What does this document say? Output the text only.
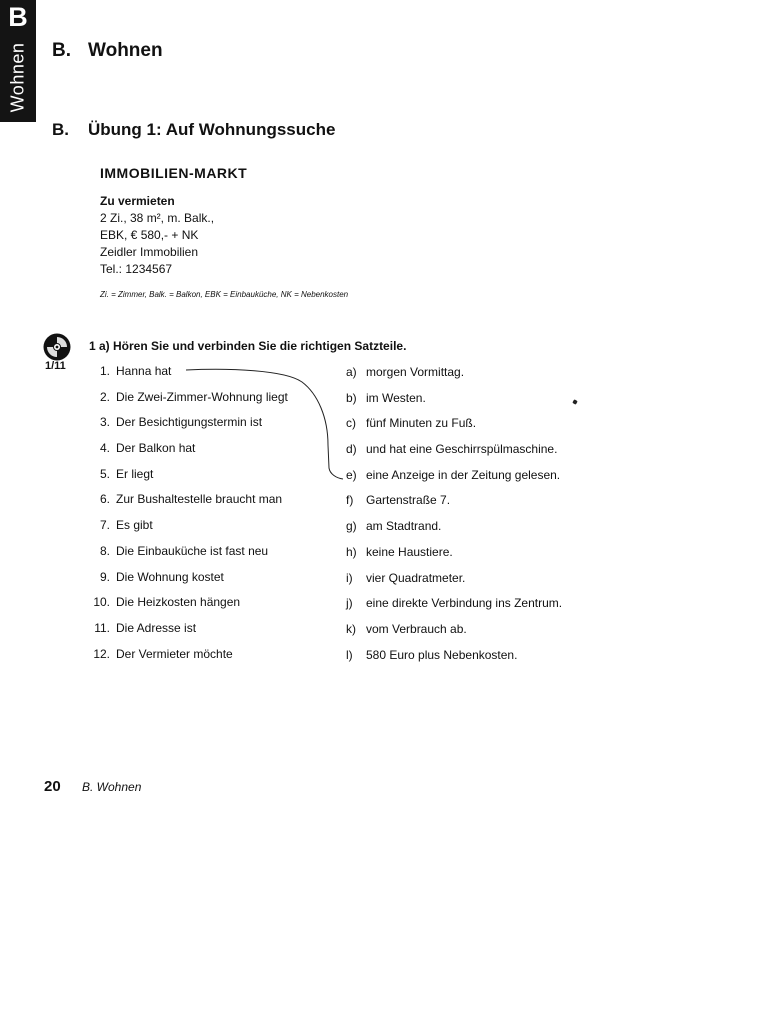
B
Wohnen B. Wohnen
B. Übung 1: Auf Wohnungssuche
IMMOBILIEN-MARKT
Zu vermieten
2 Zi., 38 m², m. Balk.,
EBK, € 580,- + NK
Zeidler Immobilien
Tel.: 1234567
Zi. = Zimmer, Balk. = Balkon, EBK = Einbauküche, NK = Nebenkosten
1/11
1 a) Hören Sie und verbinden Sie die richtigen Satzteile.
1. Hanna hat
2. Die Zwei-Zimmer-Wohnung liegt
3. Der Besichtigungstermin ist
4. Der Balkon hat
5. Er liegt
6. Zur Bushaltestelle braucht man
7. Es gibt
8. Die Einbauküche ist fast neu
9. Die Wohnung kostet
10. Die Heizkosten hängen
11. Die Adresse ist
12. Der Vermieter möchte
a) morgen Vormittag.
b) im Westen.
c) fünf Minuten zu Fuß.
d) und hat eine Geschirrspülmaschine.
e) eine Anzeige in der Zeitung gelesen.
f) Gartenstraße 7.
g) am Stadtrand.
h) keine Haustiere.
i) vier Quadratmeter.
j) eine direkte Verbindung ins Zentrum.
k) vom Verbrauch ab.
l) 580 Euro plus Nebenkosten.
20 B. Wohnen
